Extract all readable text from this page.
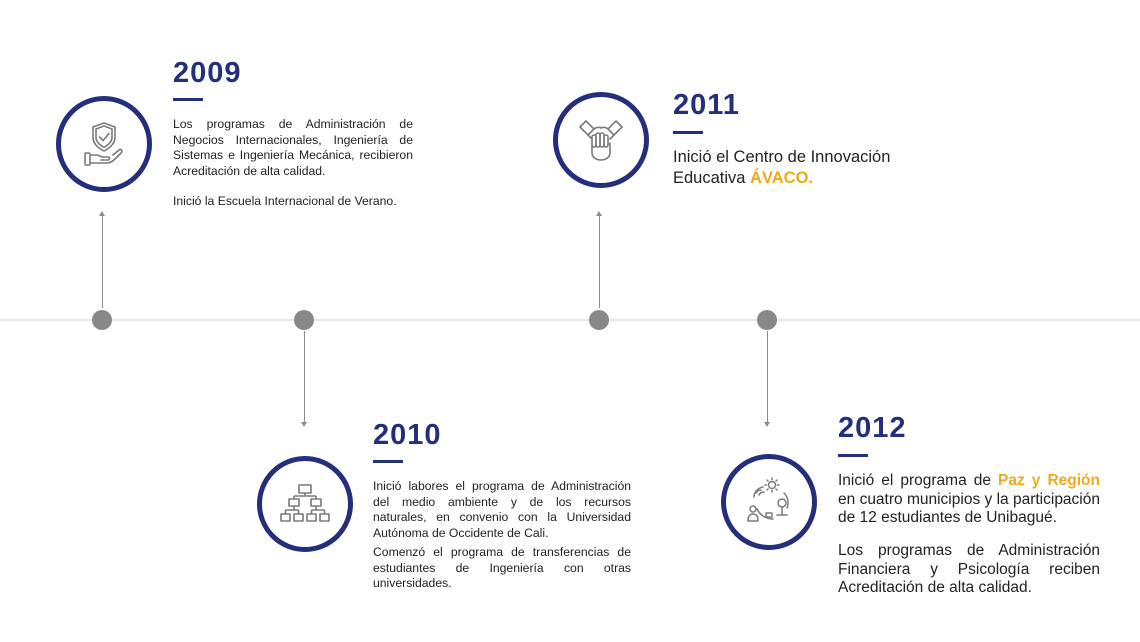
2009

Los programas de Administración de Negocios Internacionales, Ingeniería de Sistemas e Ingeniería Mecánica, recibieron Acreditación de alta calidad.

Inició la Escuela Internacional de Verano.

2010

Inició labores el programa de Administración del medio ambiente y de los recursos naturales, en convenio con la Universidad Autónoma de Occidente de Cali.

Comenzó el programa de transferencias de estudiantes de Ingeniería con otras universidades.

2011
Inició el Centro de Innovación
Educativa ÁVACO.
2012

Inició el programa de Paz y Región en cuatro municipios y la participación de 12 estudiantes de Unibagué.

Los programas de Administración Financiera y Psicología reciben Acreditación de alta calidad.
